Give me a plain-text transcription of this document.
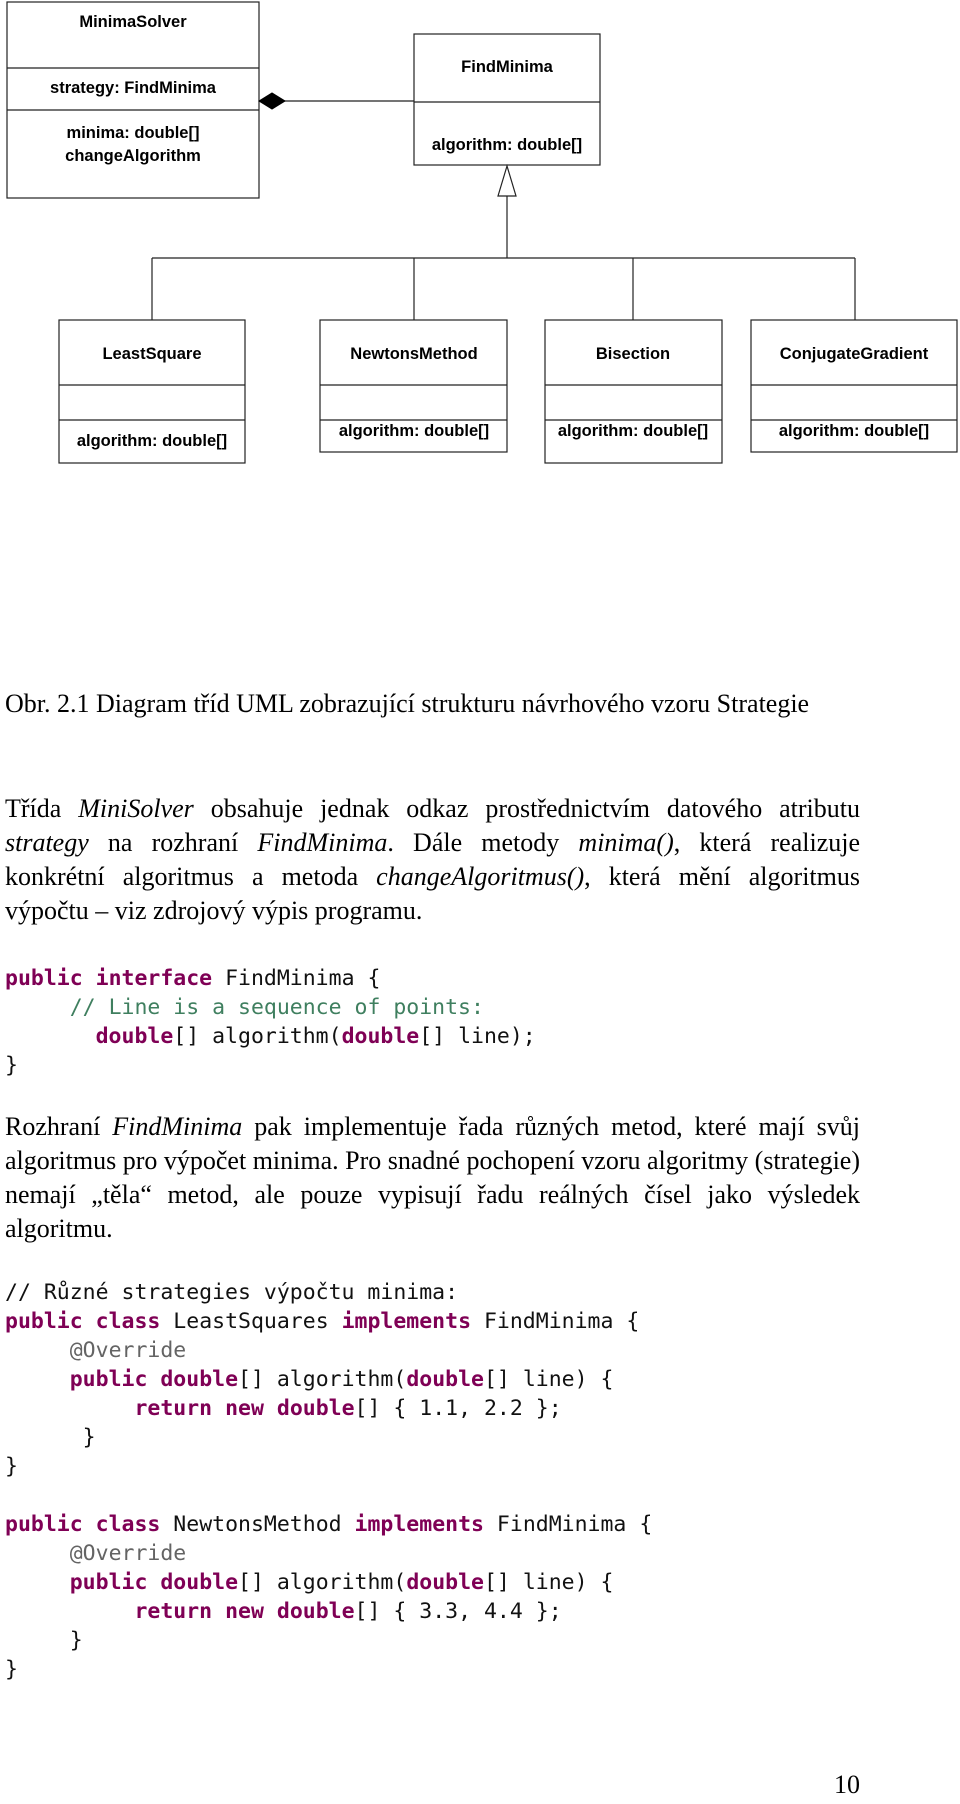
MinimaSolver
strategy: FindMinima
minima: double[]
changeAlgorithm
FindMinima
algorithm: double[]
LeastSquare
algorithm: double[]
NewtonsMethod
algorithm: double[]
Bisection
algorithm: double[]
ConjugateGradient
algorithm: double[]
Obr. 2.1 Diagram tříd UML zobrazující strukturu návrhového vzoru Strategie
Třída MiniSolver obsahuje jednak odkaz prostřednictvím datového atributu strategy na rozhraní FindMinima. Dále metody minima(), která realizuje konkrétní algoritmus a metoda changeAlgoritmus(), která mění algoritmus výpočtu – viz zdrojový výpis programu.
public interface FindMinima {
// Line is a sequence of points:
double[] algorithm(double[] line);
}
Rozhraní FindMinima pak implementuje řada různých metod, které mají svůj algoritmus pro výpočet minima. Pro snadné pochopení vzoru algoritmy (strategie) nemají „těla“ metod, ale pouze vypisují řadu reálných čísel jako výsledek algoritmu.
// Různé strategies výpočtu minima:
public class LeastSquares implements FindMinima {
@Override
public double[] algorithm(double[] line) {
return new double[] { 1.1, 2.2 };
}
}

public class NewtonsMethod implements FindMinima {
@Override
public double[] algorithm(double[] line) {
return new double[] { 3.3, 4.4 };
}
}
10
